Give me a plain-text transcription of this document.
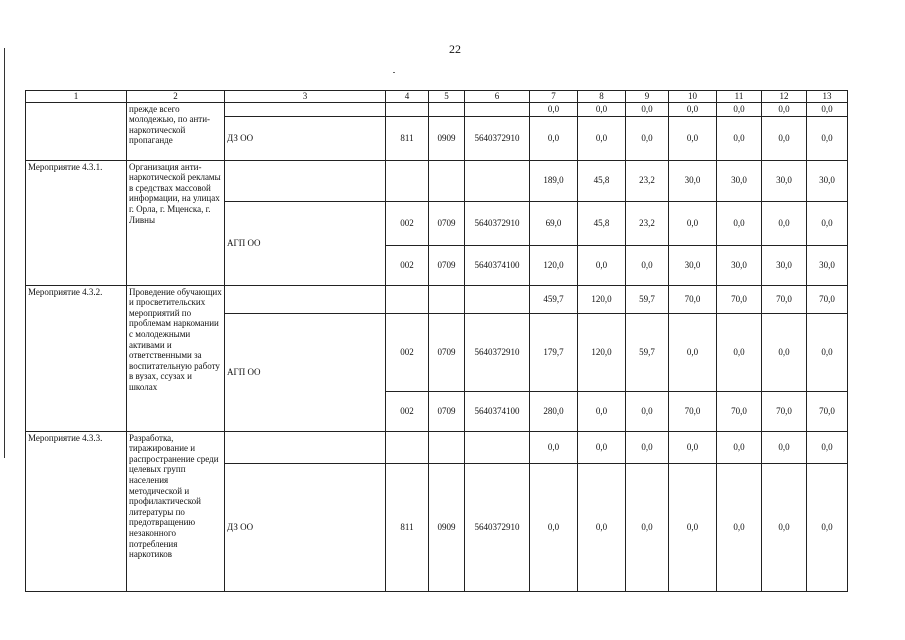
22
1	2	3	4	5	6	7	8	9	10	11	12	13
	прежде всего молодежью, по анти-наркотической пропаганде					0,0	0,0	0,0	0,0	0,0	0,0	0,0
		ДЗ ОО	811	0909	5640372910	0,0	0,0	0,0	0,0	0,0	0,0	0,0
Мероприятие 4.3.1.	Организация анти-наркотической рекламы в средствах массовой информации, на улицах г. Орла, г. Мценска, г. Ливны					189,0	45,8	23,2	30,0	30,0	30,0	30,0
		АГП ОО	002	0709	5640372910	69,0	45,8	23,2	0,0	0,0	0,0	0,0
			002	0709	5640374100	120,0	0,0	0,0	30,0	30,0	30,0	30,0
Мероприятие 4.3.2.	Проведение обучающих и просветительских мероприятий по проблемам наркомании с молодежными активами и ответственными за воспитательную работу в вузах, ссузах и школах					459,7	120,0	59,7	70,0	70,0	70,0	70,0
		АГП ОО	002	0709	5640372910	179,7	120,0	59,7	0,0	0,0	0,0	0,0
			002	0709	5640374100	280,0	0,0	0,0	70,0	70,0	70,0	70,0
Мероприятие 4.3.3.	Разработка, тиражирование и распространение среди целевых групп населения методической и профилактической литературы по предотвращению незаконного потребления наркотиков					0,0	0,0	0,0	0,0	0,0	0,0	0,0
		ДЗ ОО	811	0909	5640372910	0,0	0,0	0,0	0,0	0,0	0,0	0,0
